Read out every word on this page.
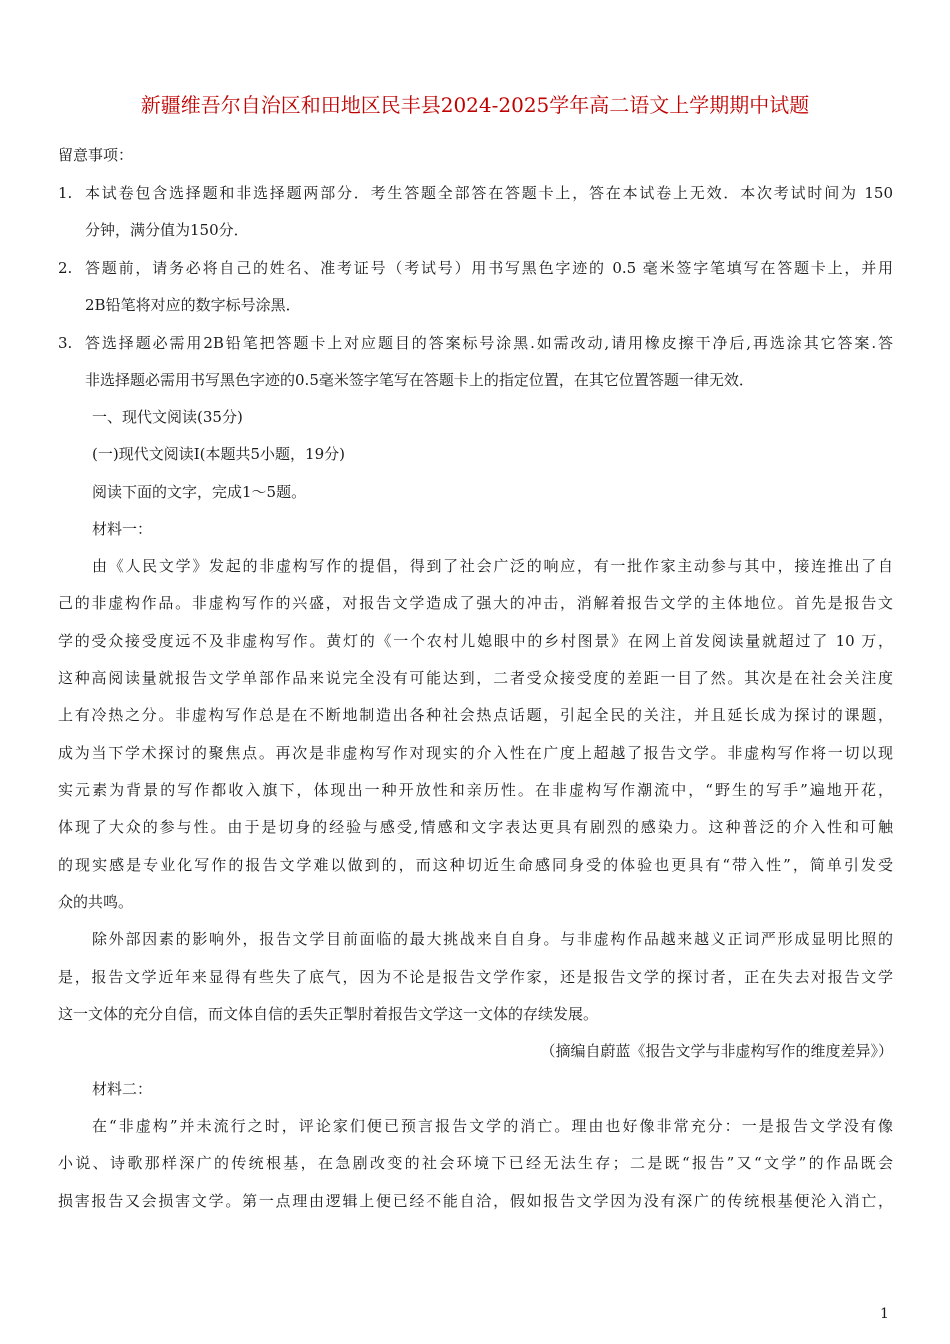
新疆维吾尔自治区和田地区民丰县2024-2025学年高二语文上学期期中试题

留意事项：

1. 本试卷包含选择题和非选择题两部分．考生答题全部答在答题卡上，答在本试卷上无效．本次考试时间为 150

分钟，满分值为150分．

2. 答题前，请务必将自己的姓名、准考证号（考试号）用书写黑色字迹的 0.5 毫米签字笔填写在答题卡上，并用

2B铅笔将对应的数字标号涂黑．

3. 答选择题必需用2B铅笔把答题卡上对应题目的答案标号涂黑.如需改动,请用橡皮擦干净后,再选涂其它答案.答

非选择题必需用书写黑色字迹的0.5毫米签字笔写在答题卡上的指定位置，在其它位置答题一律无效．

一、现代文阅读(35分)

(一)现代文阅读Ⅰ(本题共5小题，19分)

阅读下面的文字，完成1～5题。

材料一：

由《人民文学》发起的非虚构写作的提倡，得到了社会广泛的响应，有一批作家主动参与其中，接连推出了自

己的非虚构作品。非虚构写作的兴盛，对报告文学造成了强大的冲击，消解着报告文学的主体地位。首先是报告文

学的受众接受度远不及非虚构写作。黄灯的《一个农村儿媳眼中的乡村图景》在网上首发阅读量就超过了 10 万，

这种高阅读量就报告文学单部作品来说完全没有可能达到，二者受众接受度的差距一目了然。其次是在社会关注度

上有冷热之分。非虚构写作总是在不断地制造出各种社会热点话题，引起全民的关注，并且延长成为探讨的课题，

成为当下学术探讨的聚焦点。再次是非虚构写作对现实的介入性在广度上超越了报告文学。非虚构写作将一切以现

实元素为背景的写作都收入旗下，体现出一种开放性和亲历性。在非虚构写作潮流中，“野生的写手”遍地开花，

体现了大众的参与性。由于是切身的经验与感受,情感和文字表达更具有剧烈的感染力。这种普泛的介入性和可触

的现实感是专业化写作的报告文学难以做到的，而这种切近生命感同身受的体验也更具有“带入性”，简单引发受

众的共鸣。

除外部因素的影响外，报告文学目前面临的最大挑战来自自身。与非虚构作品越来越义正词严形成显明比照的

是，报告文学近年来显得有些失了底气，因为不论是报告文学作家，还是报告文学的探讨者，正在失去对报告文学

这一文体的充分自信，而文体自信的丢失正掣肘着报告文学这一文体的存续发展。

（摘编自蔚蓝《报告文学与非虚构写作的维度差异》）

材料二：

在“非虚构”并未流行之时，评论家们便已预言报告文学的消亡。理由也好像非常充分：一是报告文学没有像

小说、诗歌那样深广的传统根基，在急剧改变的社会环境下已经无法生存；二是既“报告”又“文学”的作品既会

损害报告又会损害文学。第一点理由逻辑上便已经不能自洽，假如报告文学因为没有深广的传统根基便沦入消亡，

1
